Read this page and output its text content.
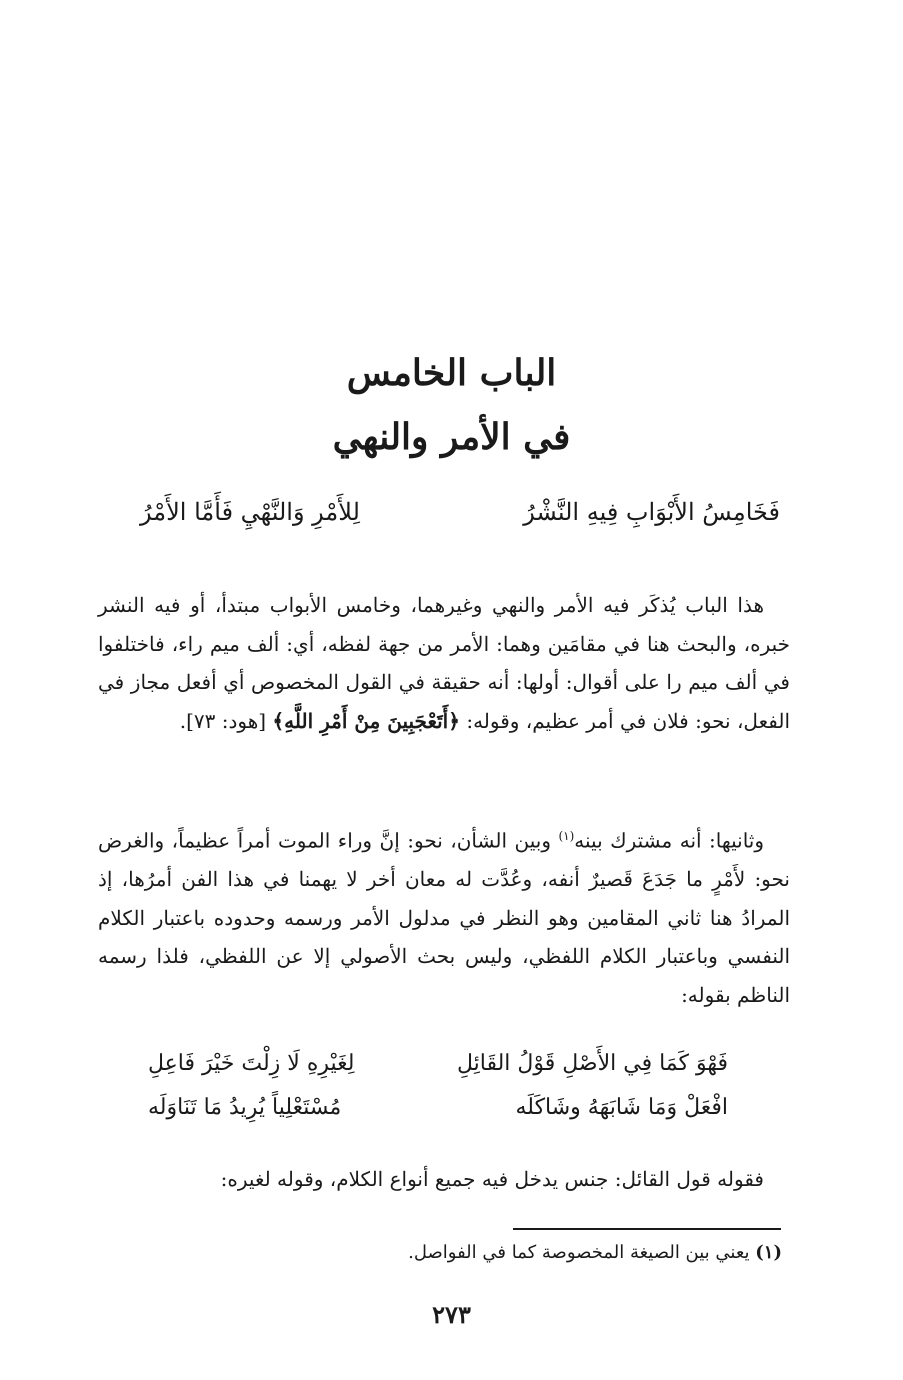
الباب الخامس
في الأمر والنهي
فَخَامِسُ الأَبْوَابِ فِيهِ النَّشْرُ
لِلأَمْرِ وَالنَّهْيِ فَأَمَّا الأَمْرُ
هذا الباب يُذكَر فيه الأمر والنهي وغيرهما، وخامس الأبواب مبتدأ، أو فيه النشر خبره، والبحث هنا في مقامَين وهما: الأمر من جهة لفظه، أي: ألف ميم راء، فاختلفوا في ألف ميم را على أقوال: أولها: أنه حقيقة في القول المخصوص أي أفعل مجاز في الفعل، نحو: فلان في أمر عظيم، وقوله: ﴿أَتَعْجَبِينَ مِنْ أَمْرِ اللَّهِ﴾ [هود: ٧٣].
وثانيها: أنه مشترك بينه$^{(١)}$ وبين الشأن، نحو: إنَّ وراء الموت أمراً عظيماً، والغرض نحو: لأَمْرٍ ما جَدَعَ قَصيرٌ أنفه، وعُدَّت له معان أخر لا يهمنا في هذا الفن أمرُها، إذ المرادُ هنا ثاني المقامين وهو النظر في مدلول الأمر ورسمه وحدوده باعتبار الكلام النفسي وباعتبار الكلام اللفظي، وليس بحث الأصولي إلا عن اللفظي، فلذا رسمه الناظم بقوله:
فَهْوَ كَمَا فِي الأَصْلِ قَوْلُ القَائِلِ
لِغَيْرِهِ لَا زِلْتَ خَيْرَ فَاعِلِ
افْعَلْ وَمَا شَابَهَهُ وشَاكَلَه
مُسْتَعْلِياً يُرِيدُ مَا تَنَاوَلَه
فقوله قول القائل: جنس يدخل فيه جميع أنواع الكلام، وقوله لغيره:
(١) يعني بين الصيغة المخصوصة كما في الفواصل.
٢٧٣
